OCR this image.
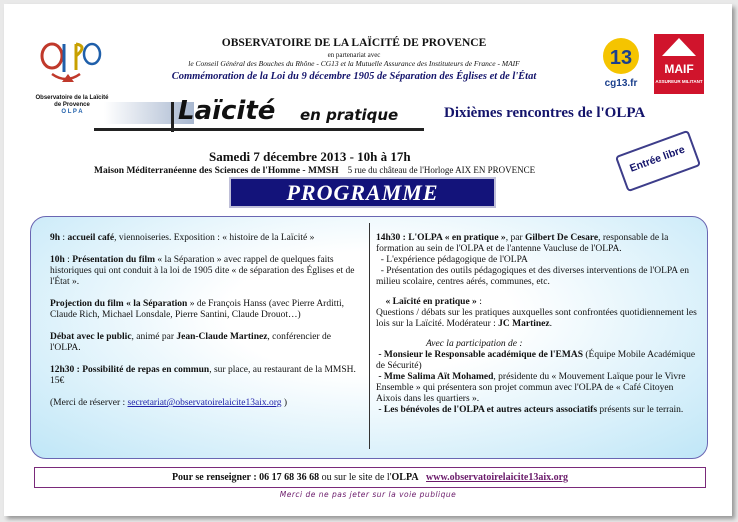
Observatoire de la Laïcité
de Provence
O L P A
OBSERVATOIRE DE LA LAÏCITÉ DE PROVENCE
en partenariat avec
le Conseil Général des Bouches du Rhône - CG13 et la Mutuelle Assurance des Instituteurs de France - MAIF
Commémoration de la Loi du 9 décembre 1905 de Séparation des Églises et de l'État
13
cg13.fr
MAIF
ASSUREUR MILITANT
Laïcité en pratique	Dixièmes rencontres de l'OLPA
Samedi 7 décembre 2013 - 10h à 17h
Maison Méditerranéenne des Sciences de l'Homme - MMSH 5 rue du château de l'Horloge AIX EN PROVENCE	Entrée libre
PROGRAMME

9h : accueil café, viennoiseries. Exposition : « histoire de la Laïcité »

10h : Présentation du film « la Séparation » avec rappel de quelques faits historiques qui ont conduit à la loi de 1905 dite « de séparation des Églises et de l'État ».

Projection du film « la Séparation » de François Hanss (avec Pierre Arditti, Claude Rich, Michael Lonsdale, Pierre Santini, Claude Drouot…)

Débat avec le public, animé par Jean-Claude Martinez, conférencier de l'OLPA.

12h30 : Possibilité de repas en commun, sur place, au restaurant de la MMSH. 15€

(Merci de réserver : secretariat@observatoirelaicite13aix.org )

14h30 : L'OLPA « en pratique », par Gilbert De Cesare, responsable de la formation au sein de l'OLPA et de l'antenne Vaucluse de l'OLPA.
- L'expérience pédagogique de l'OLPA
- Présentation des outils pédagogiques et des diverses interventions de l'OLPA en milieu scolaire, centres aérés, communes, etc.

« Laïcité en pratique » :
Questions / débats sur les pratiques auxquelles sont confrontées quotidiennement les lois sur la Laïcité. Modérateur : JC Martinez.

Avec la participation de :
- Monsieur le Responsable académique de l'EMAS (Équipe Mobile Académique de Sécurité)
- Mme Salima Aït Mohamed, présidente du « Mouvement Laïque pour le Vivre Ensemble » qui présentera son projet commun avec l'OLPA de « Café Citoyen Aixois dans les quartiers ».
- Les bénévoles de l'OLPA et autres acteurs associatifs présents sur le terrain.

Pour se renseigner : 06 17 68 36 68 ou sur le site de l'OLPA www.observatoirelaicite13aix.org
Merci de ne pas jeter sur la voie publique
